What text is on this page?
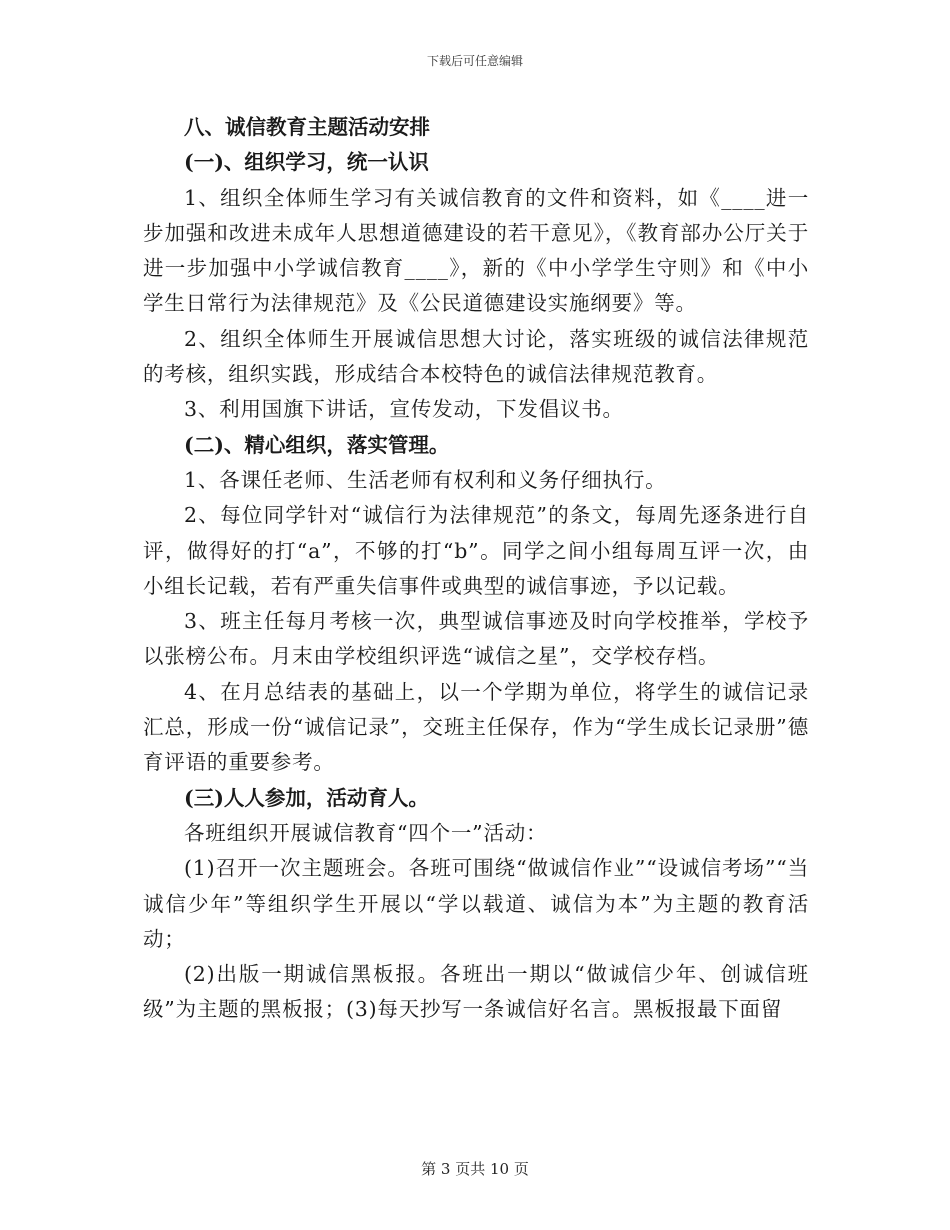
下载后可任意编辑

八、诚信教育主题活动安排

(一)、组织学习，统一认识

1、组织全体师生学习有关诚信教育的文件和资料，如《____进一步加强和改进未成年人思想道德建设的若干意见》，《教育部办公厅关于进一步加强中小学诚信教育____》，新的《中小学学生守则》和《中小学生日常行为法律规范》及《公民道德建设实施纲要》等。

2、组织全体师生开展诚信思想大讨论，落实班级的诚信法律规范的考核，组织实践，形成结合本校特色的诚信法律规范教育。

3、利用国旗下讲话，宣传发动，下发倡议书。

(二)、精心组织，落实管理。

1、各课任老师、生活老师有权利和义务仔细执行。

2、每位同学针对“诚信行为法律规范”的条文，每周先逐条进行自评，做得好的打“a”，不够的打“b”。同学之间小组每周互评一次，由小组长记载，若有严重失信事件或典型的诚信事迹，予以记载。

3、班主任每月考核一次，典型诚信事迹及时向学校推举，学校予以张榜公布。月末由学校组织评选“诚信之星”，交学校存档。

4、在月总结表的基础上，以一个学期为单位，将学生的诚信记录汇总，形成一份“诚信记录”，交班主任保存，作为“学生成长记录册”德育评语的重要参考。

(三)人人参加，活动育人。

各班组织开展诚信教育“四个一”活动：

(1)召开一次主题班会。各班可围绕“做诚信作业”“设诚信考场”“当诚信少年”等组织学生开展以“学以载道、诚信为本”为主题的教育活动；

(2)出版一期诚信黑板报。各班出一期以“做诚信少年、创诚信班级”为主题的黑板报；(3)每天抄写一条诚信好名言。黑板报最下面留

第 3 页共 10 页
